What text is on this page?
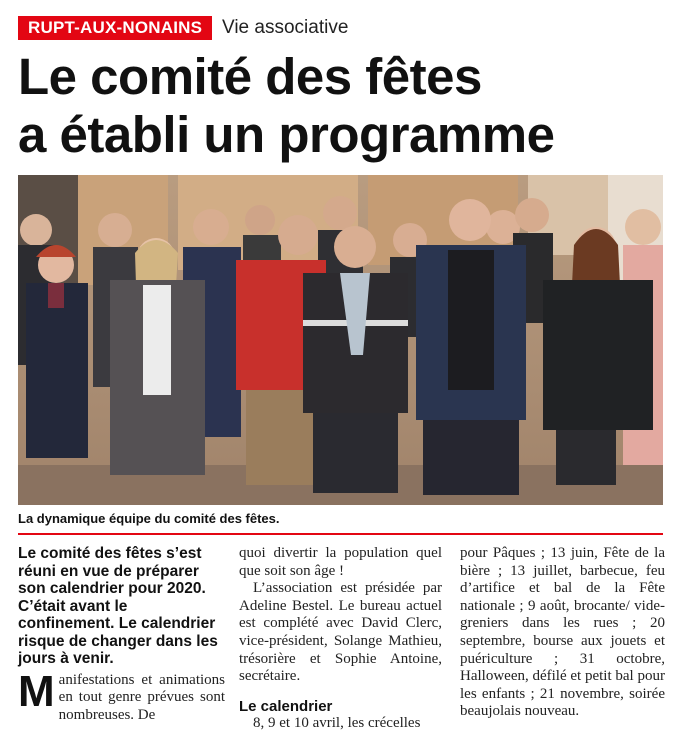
RUPT-AUX-NONAINS	Vie associative
Le comité des fêtes
a établi un programme
La dynamique équipe du comité des fêtes.

Le comité des fêtes s’est réuni en vue de préparer son calendrier pour 2020. C’était avant le confinement. Le calendrier risque de changer dans les jours à venir.

Manifestations et animations en tout genre prévues sont nombreuses. De

quoi divertir la population quel que soit son âge !

L’association est présidée par Adeline Bestel. Le bureau actuel est complété avec David Clerc, vice-président, Solange Mathieu, trésorière et Sophie Antoine, secrétaire.

Le calendrier

8, 9 et 10 avril, les crécelles

pour Pâques ; 13 juin, Fête de la bière ; 13 juillet, barbecue, feu d’artifice et bal de la Fête nationale ; 9 août, brocante/ vide-greniers dans les rues ; 20 septembre, bourse aux jouets et puériculture ; 31 octobre, Halloween, défilé et petit bal pour les enfants ; 21 novembre, soirée beaujolais nouveau.
